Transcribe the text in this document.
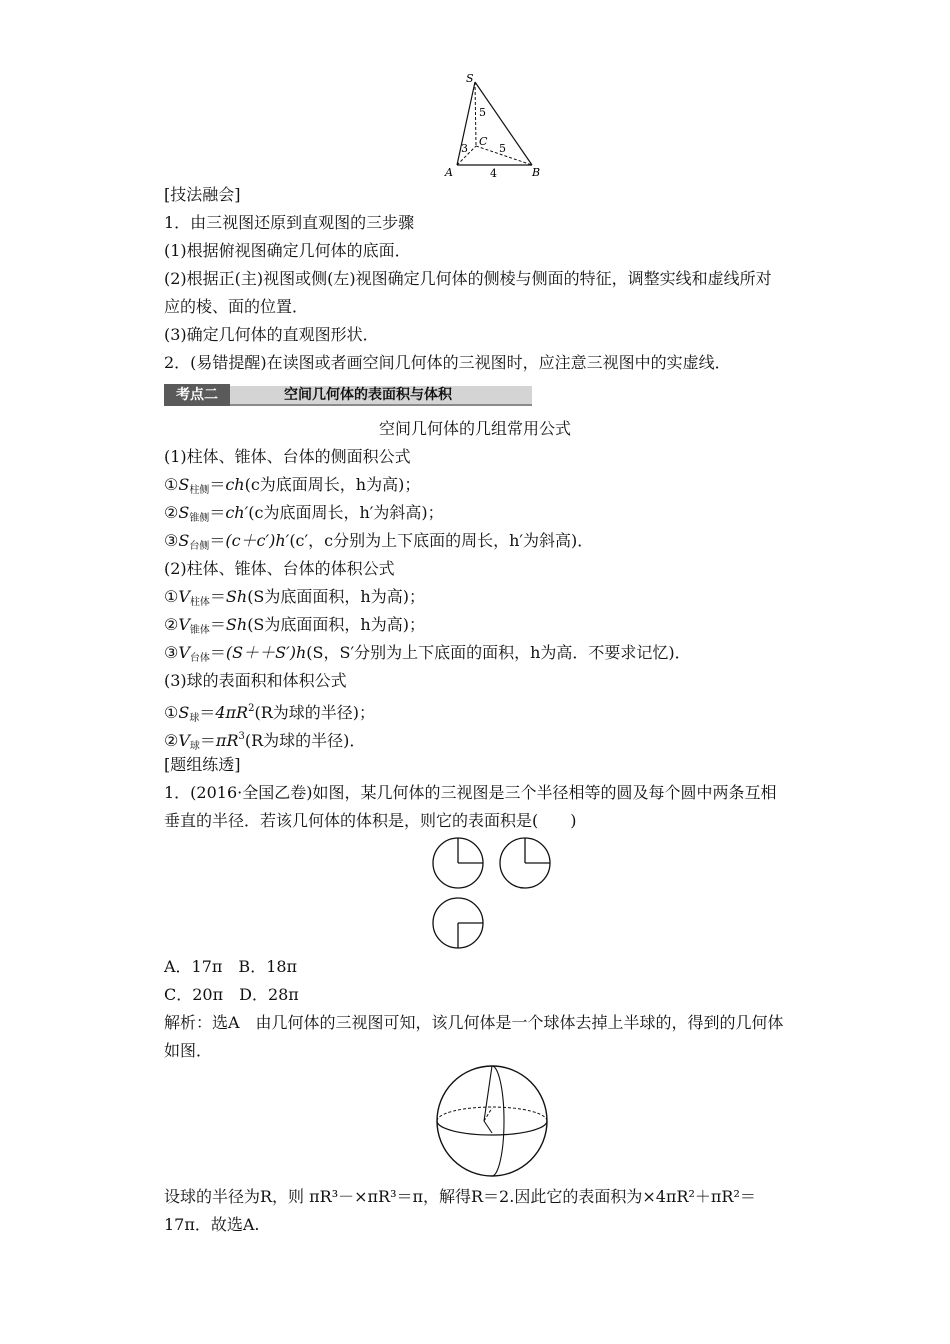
S
5
C
3	5
A	4	B
[技法融会]
1．由三视图还原到直观图的三步骤
(1)根据俯视图确定几何体的底面．
(2)根据正(主)视图或侧(左)视图确定几何体的侧棱与侧面的特征，调整实线和虚线所对
应的棱、面的位置．
(3)确定几何体的直观图形状．
2．(易错提醒)在读图或者画空间几何体的三视图时，应注意三视图中的实虚线．
考点二	空间几何体的表面积与体积
空间几何体的几组常用公式
(1)柱体、锥体、台体的侧面积公式
$①S_{柱侧}=ch(c$为底面周长，h为高)；
$②S_{锥侧}=ch'(c$为底面周长，h′为斜高)；
$③S_{台侧}=(c+c')h'(c'$，c分别为上下底面的周长，h′为斜高)．
(2)柱体、锥体、台体的体积公式
$①V_{柱体}=Sh(S$为底面面积，h为高)；
$②V_{锥体}=Sh(S$为底面面积，h为高)；
$③V_{台体}=(S++S')h(S$，S′分别为上下底面的面积，h为高．不要求记忆)．
(3)球的表面积和体积公式
$①S_球=4\pi R^2(R$为球的半径)；
$②V_球=\pi R^3(R$为球的半径)．
[题组练透]
1．(2016·全国乙卷)如图，某几何体的三视图是三个半径相等的圆及每个圆中两条互相
垂直的半径．若该几何体的体积是，则它的表面积是(　　)
A．17π　B．18π
C．20π　D．28π
解析：选A　由几何体的三视图可知，该几何体是一个球体去掉上半球的，得到的几何体
如图．
设球的半径为R，则 πR³－×πR³＝π，解得R＝2.因此它的表面积为×4πR²＋πR²＝
17π．故选A.
